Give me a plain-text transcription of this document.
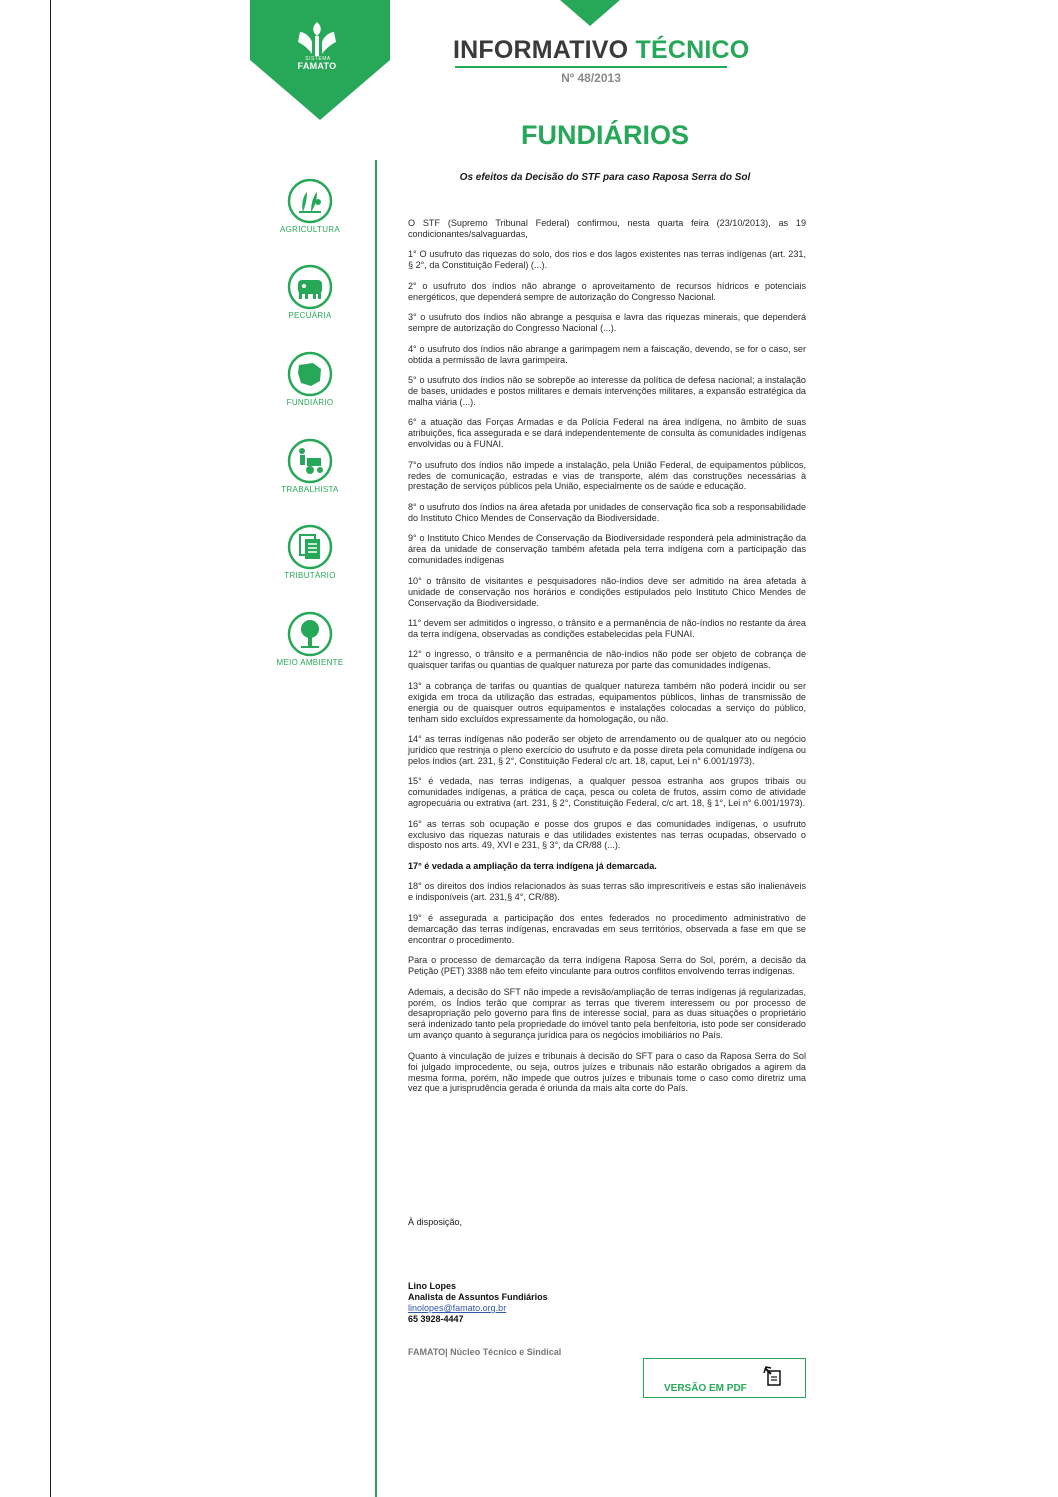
SISTEMA
FAMATO
INFORMATIVO TÉCNICO
Nº 48/2013
FUNDIÁRIOS
Os efeitos da Decisão do STF para caso Raposa Serra do Sol
AGRICULTURA
PECUÁRIA
FUNDIÁRIO
TRABALHISTA
TRIBUTÁRIO
MEIO AMBIENTE

O STF (Supremo Tribunal Federal) confirmou, nesta quarta feira (23/10/2013), as 19 condicionantes/salvaguardas,

1° O usufruto das riquezas do solo, dos rios e dos lagos existentes nas terras indígenas (art. 231, § 2°, da Constituição Federal) (...).

2° o usufruto dos índios não abrange o aproveitamento de recursos hídricos e potenciais energéticos, que dependerá sempre de autorização do Congresso Nacional.

3° o usufruto dos índios não abrange a pesquisa e lavra das riquezas minerais, que dependerá sempre de autorização do Congresso Nacional (...).

4° o usufruto dos índios não abrange a garimpagem nem a faiscação, devendo, se for o caso, ser obtida a permissão de lavra garimpeira.

5° o usufruto dos índios não se sobrepõe ao interesse da política de defesa nacional; a instalação de bases, unidades e postos militares e demais intervenções militares, a expansão estratégica da malha viária (...).

6° a atuação das Forças Armadas e da Polícia Federal na área indígena, no âmbito de suas atribuições, fica assegurada e se dará independentemente de consulta às comunidades indígenas envolvidas ou à FUNAI.

7°o usufruto dos índios não impede a instalação, pela União Federal, de equipamentos públicos, redes de comunicação, estradas e vias de transporte, além das construções necessárias à prestação de serviços públicos pela União, especialmente os de saúde e educação.

8° o usufruto dos índios na área afetada por unidades de conservação fica sob a responsabilidade do Instituto Chico Mendes de Conservação da Biodiversidade.

9° o Instituto Chico Mendes de Conservação da Biodiversidade responderá pela administração da área da unidade de conservação também afetada pela terra indígena com a participação das comunidades indígenas

10° o trânsito de visitantes e pesquisadores não-índios deve ser admitido na área afetada à unidade de conservação nos horários e condições estipulados pelo Instituto Chico Mendes de Conservação da Biodiversidade.

11° devem ser admitidos o ingresso, o trânsito e a permanência de não-índios no restante da área da terra indígena, observadas as condições estabelecidas pela FUNAI.

12° o ingresso, o trânsito e a permanência de não-índios não pode ser objeto de cobrança de quaisquer tarifas ou quantias de qualquer natureza por parte das comunidades indígenas.

13° a cobrança de tarifas ou quantias de qualquer natureza também não poderá incidir ou ser exigida em troca da utilização das estradas, equipamentos públicos, linhas de transmissão de energia ou de quaisquer outros equipamentos e instalações colocadas a serviço do público, tenham sido excluídos expressamente da homologação, ou não.

14° as terras indígenas não poderão ser objeto de arrendamento ou de qualquer ato ou negócio jurídico que restrinja o pleno exercício do usufruto e da posse direta pela comunidade indígena ou pelos índios (art. 231, § 2°, Constituição Federal c/c art. 18, caput, Lei n° 6.001/1973).

15° é vedada, nas terras indígenas, a qualquer pessoa estranha aos grupos tribais ou comunidades indígenas, a prática de caça, pesca ou coleta de frutos, assim como de atividade agropecuária ou extrativa (art. 231, § 2°, Constituição Federal, c/c art. 18, § 1°, Lei n° 6.001/1973).

16° as terras sob ocupação e posse dos grupos e das comunidades indígenas, o usufruto exclusivo das riquezas naturais e das utilidades existentes nas terras ocupadas, observado o disposto nos arts. 49, XVI e 231, § 3°, da CR/88 (...).

17° é vedada a ampliação da terra indígena já demarcada.

18° os direitos dos índios relacionados às suas terras são imprescritíveis e estas são inalienáveis e indisponíveis (art. 231,§ 4°, CR/88).

19° é assegurada a participação dos entes federados no procedimento administrativo de demarcação das terras indígenas, encravadas em seus territórios, observada a fase em que se encontrar o procedimento.

Para o processo de demarcação da terra indígena Raposa Serra do Sol, porém, a decisão da Petição (PET) 3388 não tem efeito vinculante para outros conflitos envolvendo terras indígenas.

Ademais, a decisão do SFT não impede a revisão/ampliação de terras indígenas já regularizadas, porém, os Índios terão que comprar as terras que tiverem interessem ou por processo de desapropriação pelo governo para fins de interesse social, para as duas situações o proprietário será indenizado tanto pela propriedade do imóvel tanto pela benfeitoria, isto pode ser considerado um avanço quanto à segurança jurídica para os negócios imobiliários no País.

Quanto à vinculação de juízes e tribunais à decisão do SFT para o caso da Raposa Serra do Sol foi julgado improcedente, ou seja, outros juízes e tribunais não estarão obrigados a agirem da mesma forma, porém, não impede que outros juízes e tribunais tome o caso como diretriz uma vez que a jurisprudência gerada é oriunda da mais alta corte do País.

À disposição,
Lino Lopes
Analista de Assuntos Fundiários
linolopes@famato.org.br
65 3928-4447
FAMATO| Núcleo Técnico e Sindical
VERSÃO EM PDF
